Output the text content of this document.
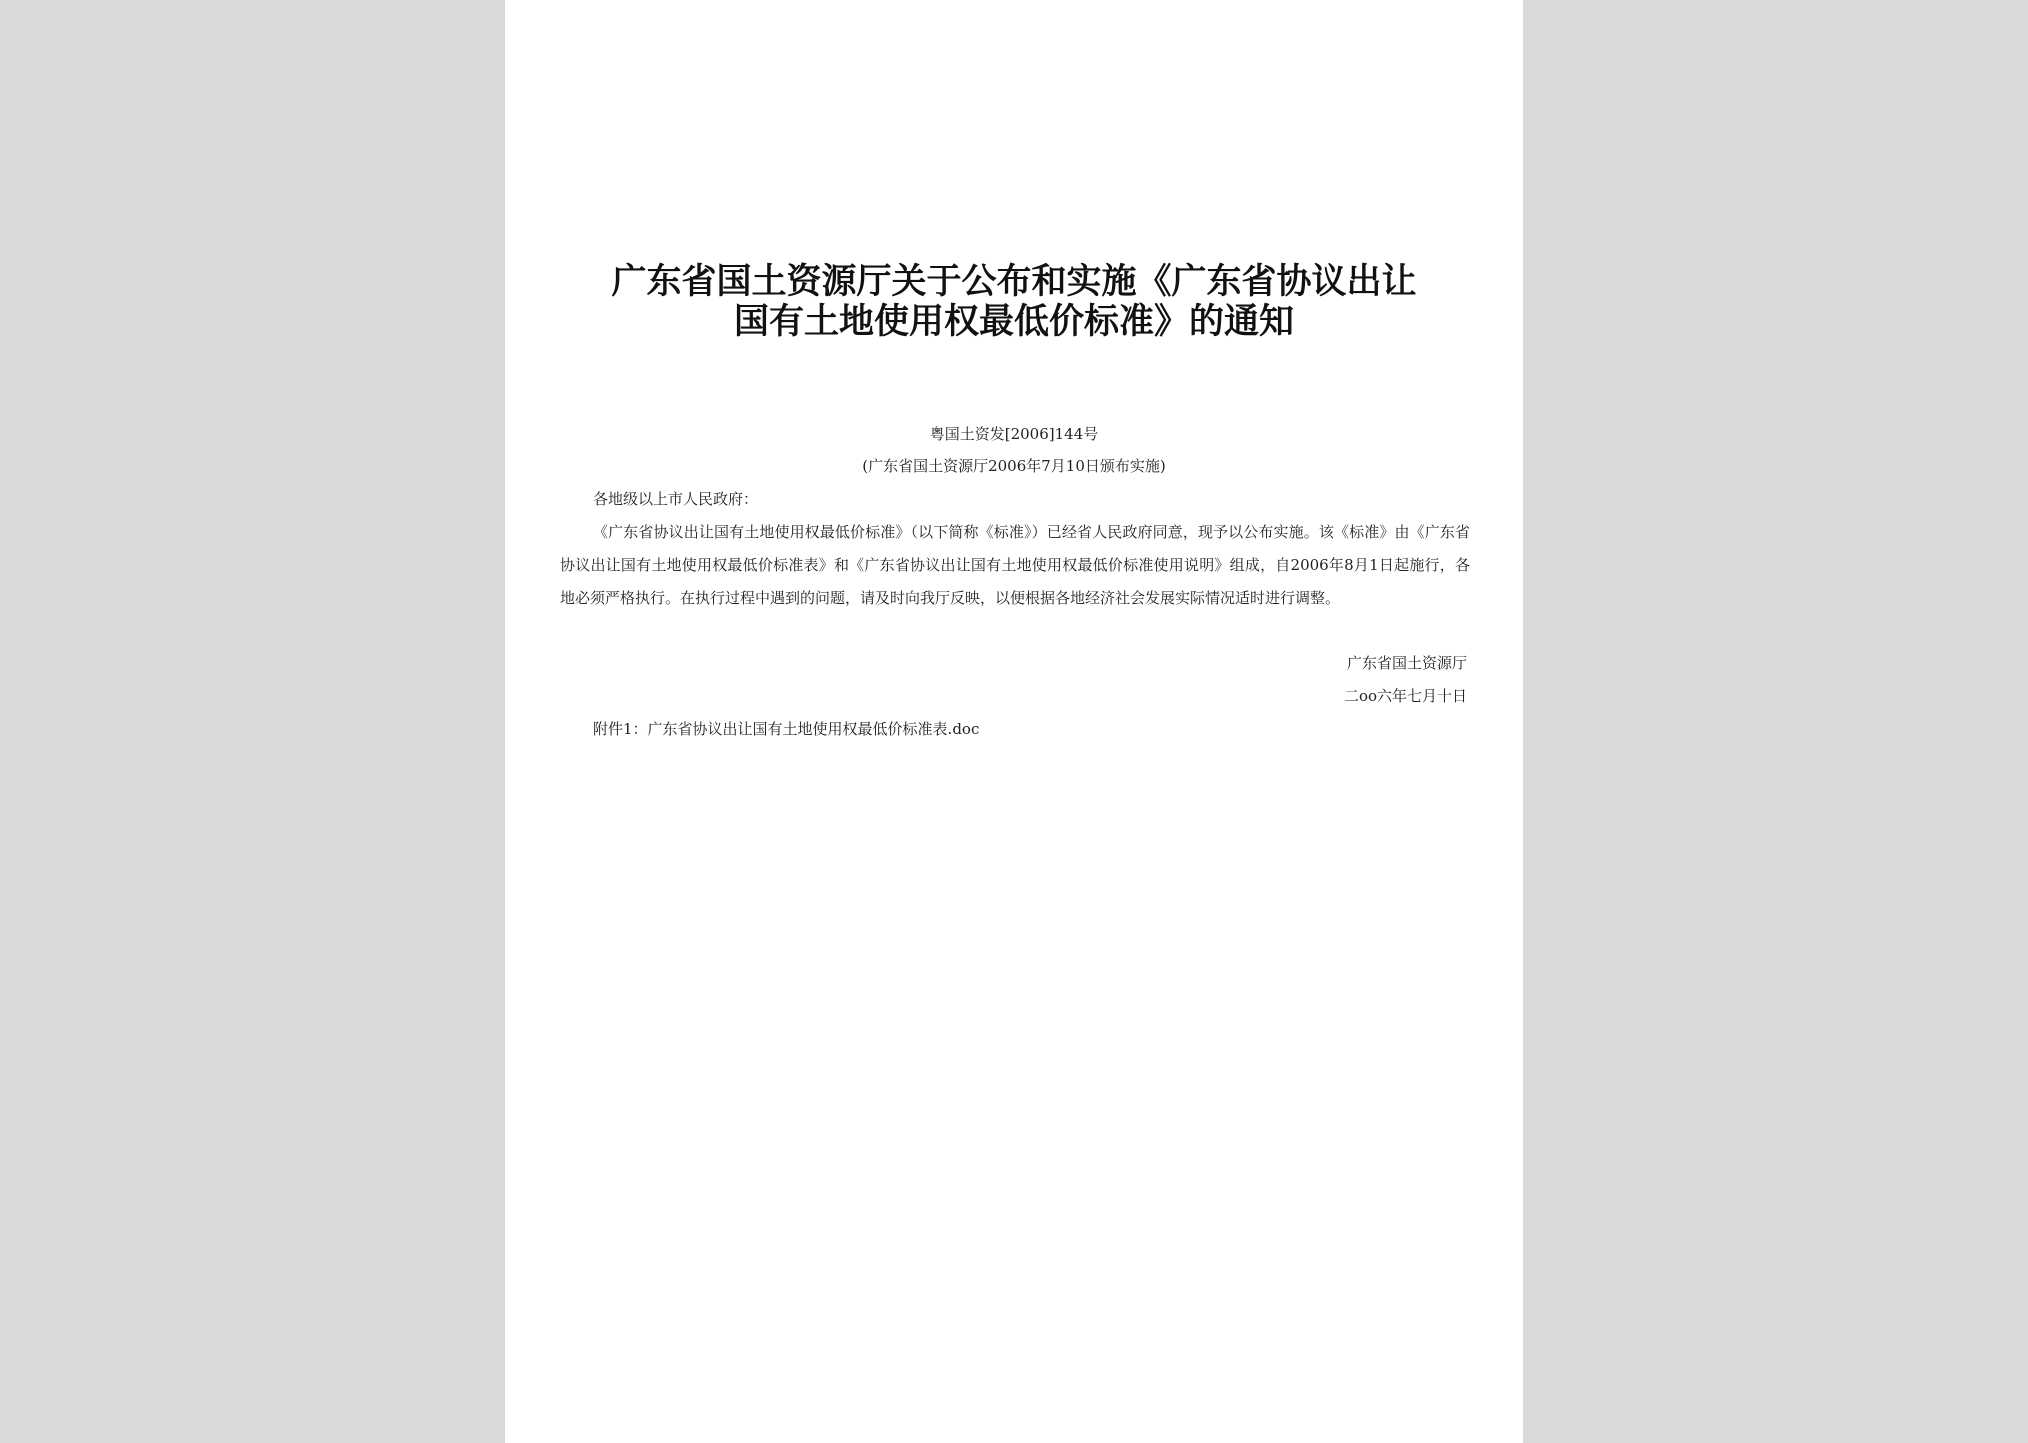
广东省国土资源厅关于公布和实施《广东省协议出让
国有土地使用权最低价标准》的通知
粤国土资发[2006]144号
(广东省国土资源厅2006年7月10日颁布实施)
各地级以上市人民政府：

《广东省协议出让国有土地使用权最低价标准》（以下简称《标准》）已经省人民政府同意，现予以公布实施。该《标准》由《广东省协议出让国有土地使用权最低价标准表》和《广东省协议出让国有土地使用权最低价标准使用说明》组成，自2006年8月1日起施行，各地必须严格执行。在执行过程中遇到的问题，请及时向我厅反映，以便根据各地经济社会发展实际情况适时进行调整。

广东省国土资源厅
二oo六年七月十日
附件1：广东省协议出让国有土地使用权最低价标准表.doc
